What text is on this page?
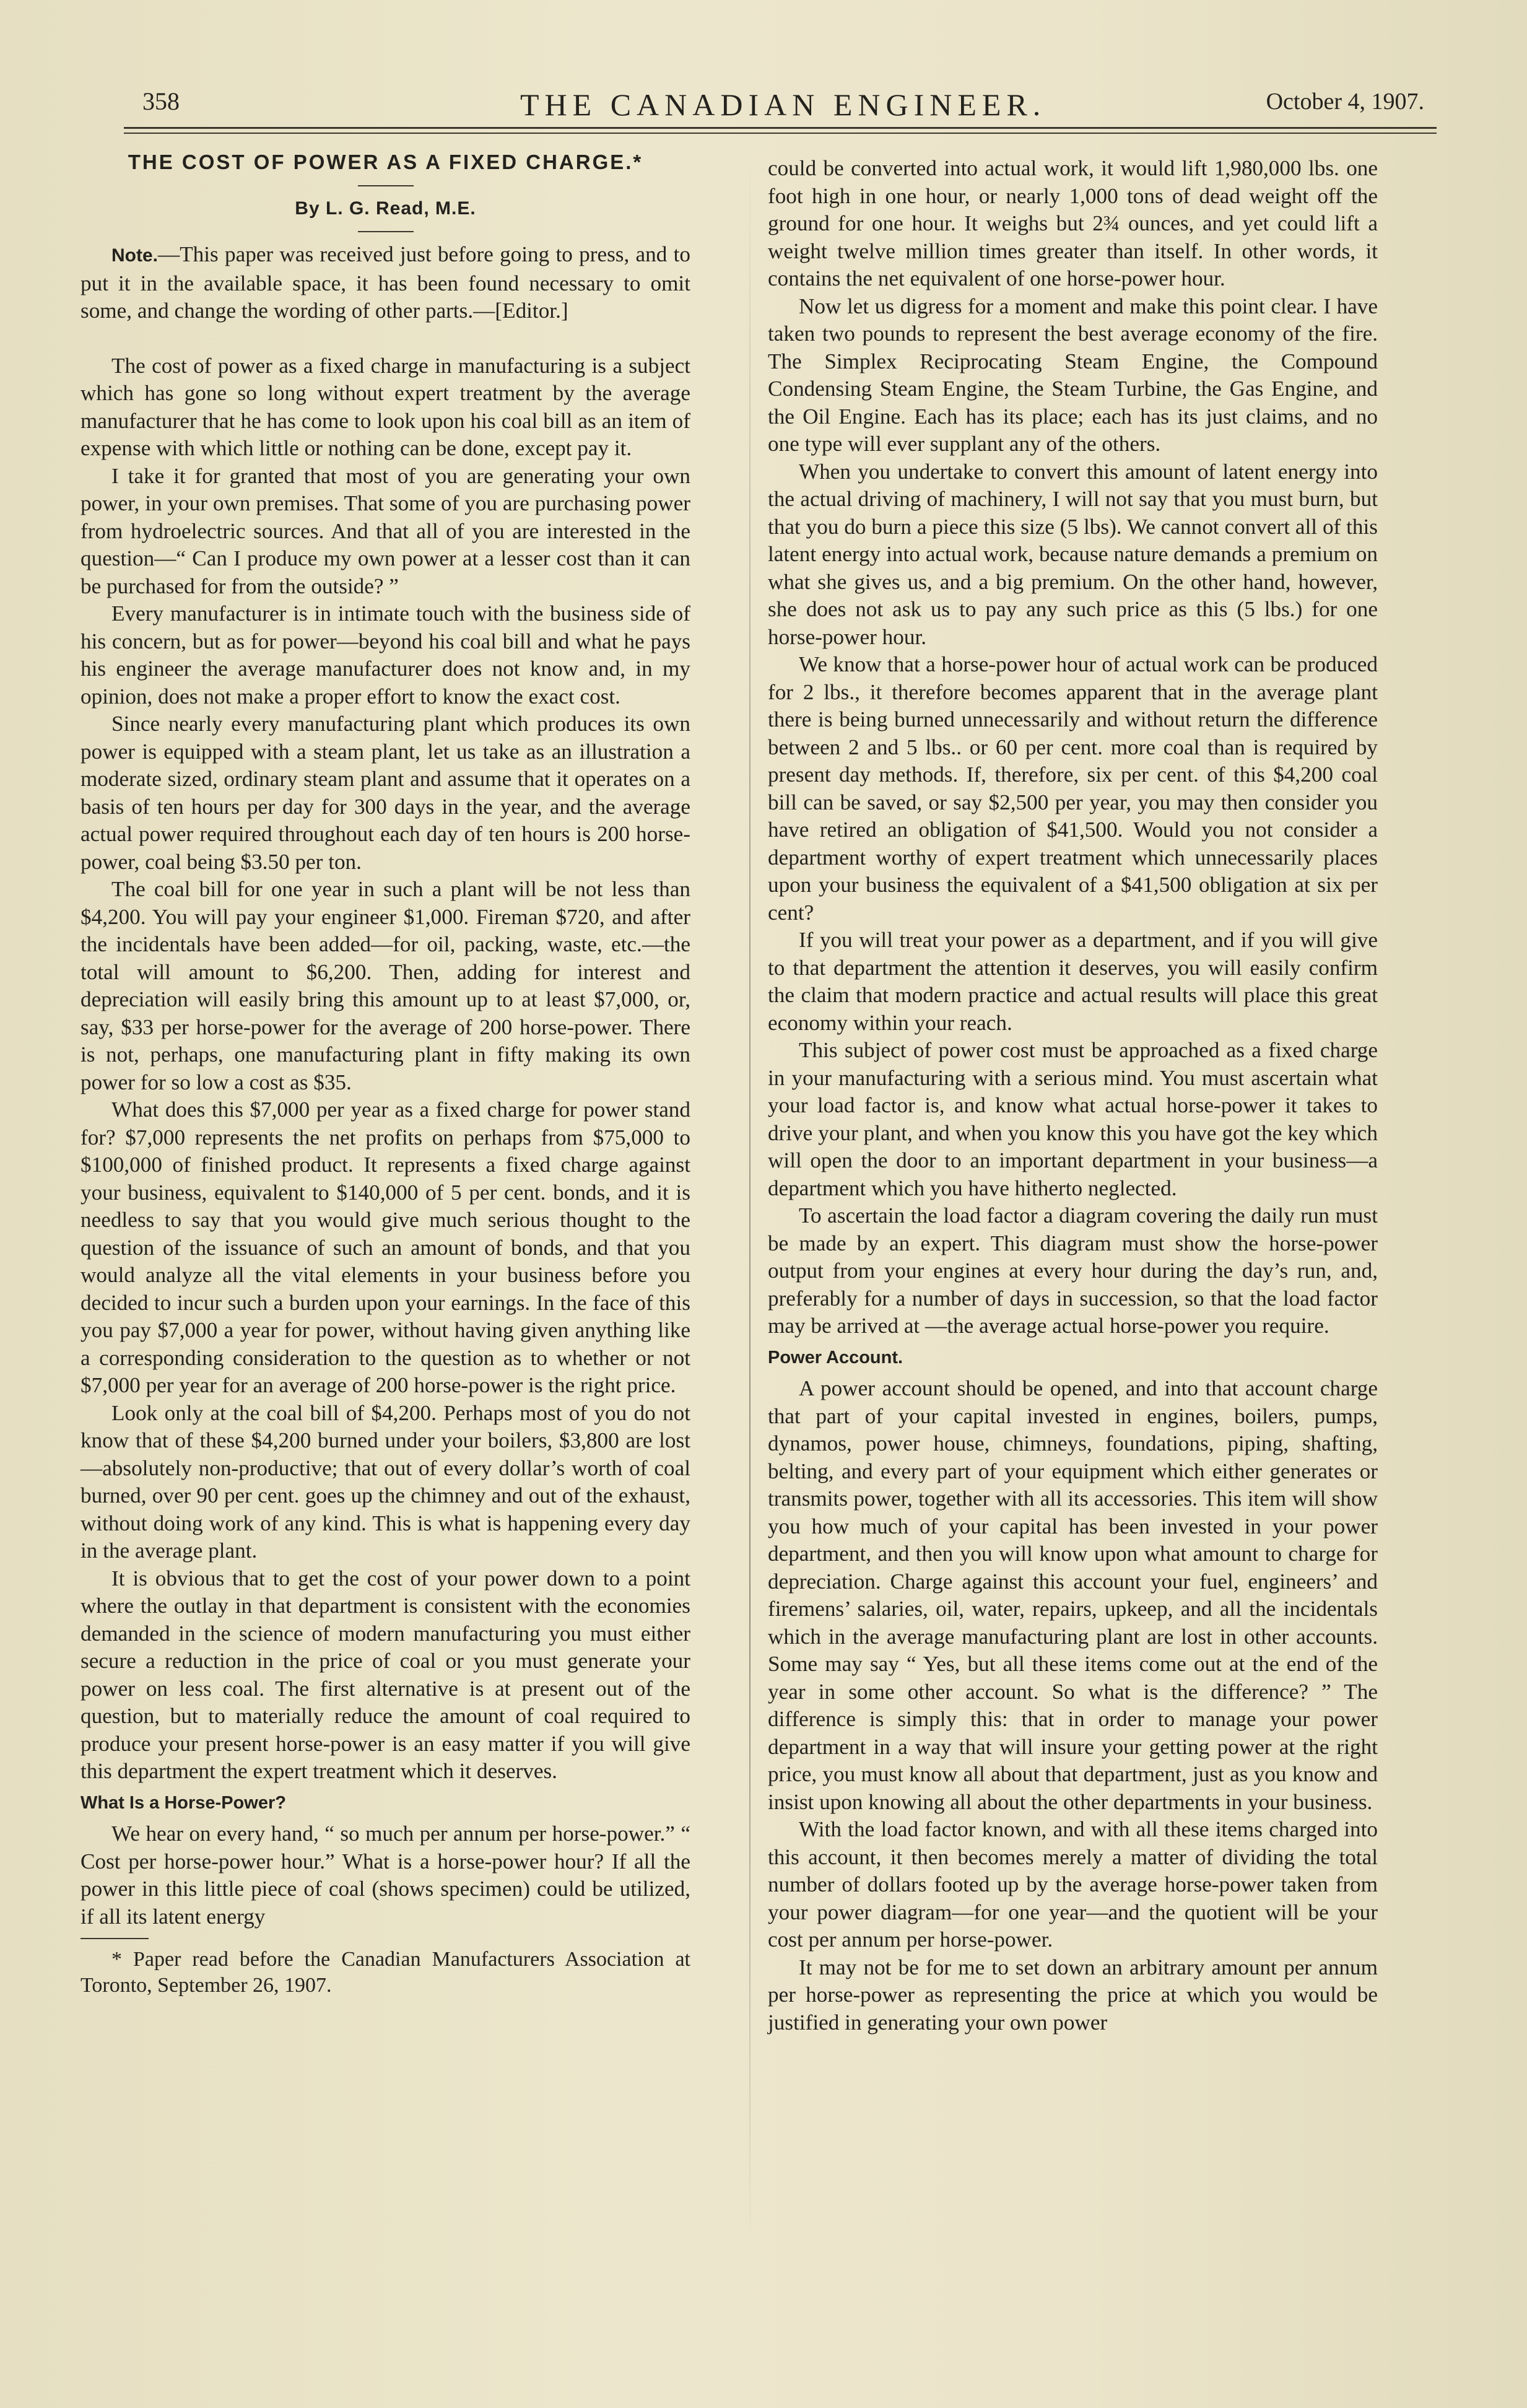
358	THE CANADIAN ENGINEER.	October 4, 1907.
THE COST OF POWER AS A FIXED CHARGE.*
By L. G. Read, M.E.

Note.—This paper was received just before going to press, and to put it in the available space, it has been found necessary to omit some, and change the wording of other parts.—[Editor.]

The cost of power as a fixed charge in manufacturing is a subject which has gone so long without expert treatment by the average manufacturer that he has come to look upon his coal bill as an item of expense with which little or nothing can be done, except pay it.

I take it for granted that most of you are generating your own power, in your own premises. That some of you are purchasing power from hydroelectric sources. And that all of you are interested in the question—“ Can I produce my own power at a lesser cost than it can be purchased for from the outside? ”

Every manufacturer is in intimate touch with the business side of his concern, but as for power—beyond his coal bill and what he pays his engineer the average manufacturer does not know and, in my opinion, does not make a proper effort to know the exact cost.

Since nearly every manufacturing plant which produces its own power is equipped with a steam plant, let us take as an illustration a moderate sized, ordinary steam plant and assume that it operates on a basis of ten hours per day for 300 days in the year, and the average actual power required throughout each day of ten hours is 200 horse-power, coal being $3.50 per ton.

The coal bill for one year in such a plant will be not less than $4,200. You will pay your engineer $1,000. Fireman $720, and after the incidentals have been added—for oil, packing, waste, etc.—the total will amount to $6,200. Then, adding for interest and depreciation will easily bring this amount up to at least $7,000, or, say, $33 per horse-power for the average of 200 horse-power. There is not, perhaps, one manufacturing plant in fifty making its own power for so low a cost as $35.

What does this $7,000 per year as a fixed charge for power stand for? $7,000 represents the net profits on perhaps from $75,000 to $100,000 of finished product. It represents a fixed charge against your business, equivalent to $140,000 of 5 per cent. bonds, and it is needless to say that you would give much serious thought to the question of the issuance of such an amount of bonds, and that you would analyze all the vital elements in your business before you decided to incur such a burden upon your earnings. In the face of this you pay $7,000 a year for power, without having given anything like a corresponding consideration to the question as to whether or not $7,000 per year for an average of 200 horse-power is the right price.

Look only at the coal bill of $4,200. Perhaps most of you do not know that of these $4,200 burned under your boilers, $3,800 are lost—absolutely non-productive; that out of every dollar’s worth of coal burned, over 90 per cent. goes up the chimney and out of the exhaust, without doing work of any kind. This is what is happening every day in the average plant.

It is obvious that to get the cost of your power down to a point where the outlay in that department is consistent with the economies demanded in the science of modern manufacturing you must either secure a reduction in the price of coal or you must generate your power on less coal. The first alternative is at present out of the question, but to materially reduce the amount of coal required to produce your present horse-power is an easy matter if you will give this department the expert treatment which it deserves.

What Is a Horse-Power?

We hear on every hand, “ so much per annum per horse-power.” “ Cost per horse-power hour.” What is a horse-power hour? If all the power in this little piece of coal (shows specimen) could be utilized, if all its latent energy

* Paper read before the Canadian Manufacturers Association at Toronto, September 26, 1907.

could be converted into actual work, it would lift 1,980,000 lbs. one foot high in one hour, or nearly 1,000 tons of dead weight off the ground for one hour. It weighs but 2¾ ounces, and yet could lift a weight twelve million times greater than itself. In other words, it contains the net equivalent of one horse-power hour.

Now let us digress for a moment and make this point clear. I have taken two pounds to represent the best average economy of the fire. The Simplex Reciprocating Steam Engine, the Compound Condensing Steam Engine, the Steam Turbine, the Gas Engine, and the Oil Engine. Each has its place; each has its just claims, and no one type will ever supplant any of the others.

When you undertake to convert this amount of latent energy into the actual driving of machinery, I will not say that you must burn, but that you do burn a piece this size (5 lbs). We cannot convert all of this latent energy into actual work, because nature demands a premium on what she gives us, and a big premium. On the other hand, however, she does not ask us to pay any such price as this (5 lbs.) for one horse-power hour.

We know that a horse-power hour of actual work can be produced for 2 lbs., it therefore becomes apparent that in the average plant there is being burned unnecessarily and without return the difference between 2 and 5 lbs.. or 60 per cent. more coal than is required by present day methods. If, therefore, six per cent. of this $4,200 coal bill can be saved, or say $2,500 per year, you may then consider you have retired an obligation of $41,500. Would you not consider a department worthy of expert treatment which unnecessarily places upon your business the equivalent of a $41,500 obligation at six per cent?

If you will treat your power as a department, and if you will give to that department the attention it deserves, you will easily confirm the claim that modern practice and actual results will place this great economy within your reach.

This subject of power cost must be approached as a fixed charge in your manufacturing with a serious mind. You must ascertain what your load factor is, and know what actual horse-power it takes to drive your plant, and when you know this you have got the key which will open the door to an important department in your business—a department which you have hitherto neglected.

To ascertain the load factor a diagram covering the daily run must be made by an expert. This diagram must show the horse-power output from your engines at every hour during the day’s run, and, preferably for a number of days in succession, so that the load factor may be arrived at —the average actual horse-power you require.

Power Account.

A power account should be opened, and into that account charge that part of your capital invested in engines, boilers, pumps, dynamos, power house, chimneys, foundations, piping, shafting, belting, and every part of your equipment which either generates or transmits power, together with all its accessories. This item will show you how much of your capital has been invested in your power department, and then you will know upon what amount to charge for depreciation. Charge against this account your fuel, engineers’ and firemens’ salaries, oil, water, repairs, upkeep, and all the incidentals which in the average manufacturing plant are lost in other accounts. Some may say “ Yes, but all these items come out at the end of the year in some other account. So what is the difference? ” The difference is simply this: that in order to manage your power department in a way that will insure your getting power at the right price, you must know all about that department, just as you know and insist upon knowing all about the other departments in your business.

With the load factor known, and with all these items charged into this account, it then becomes merely a matter of dividing the total number of dollars footed up by the average horse-power taken from your power diagram—for one year—and the quotient will be your cost per annum per horse-power.

It may not be for me to set down an arbitrary amount per annum per horse-power as representing the price at which you would be justified in generating your own power
